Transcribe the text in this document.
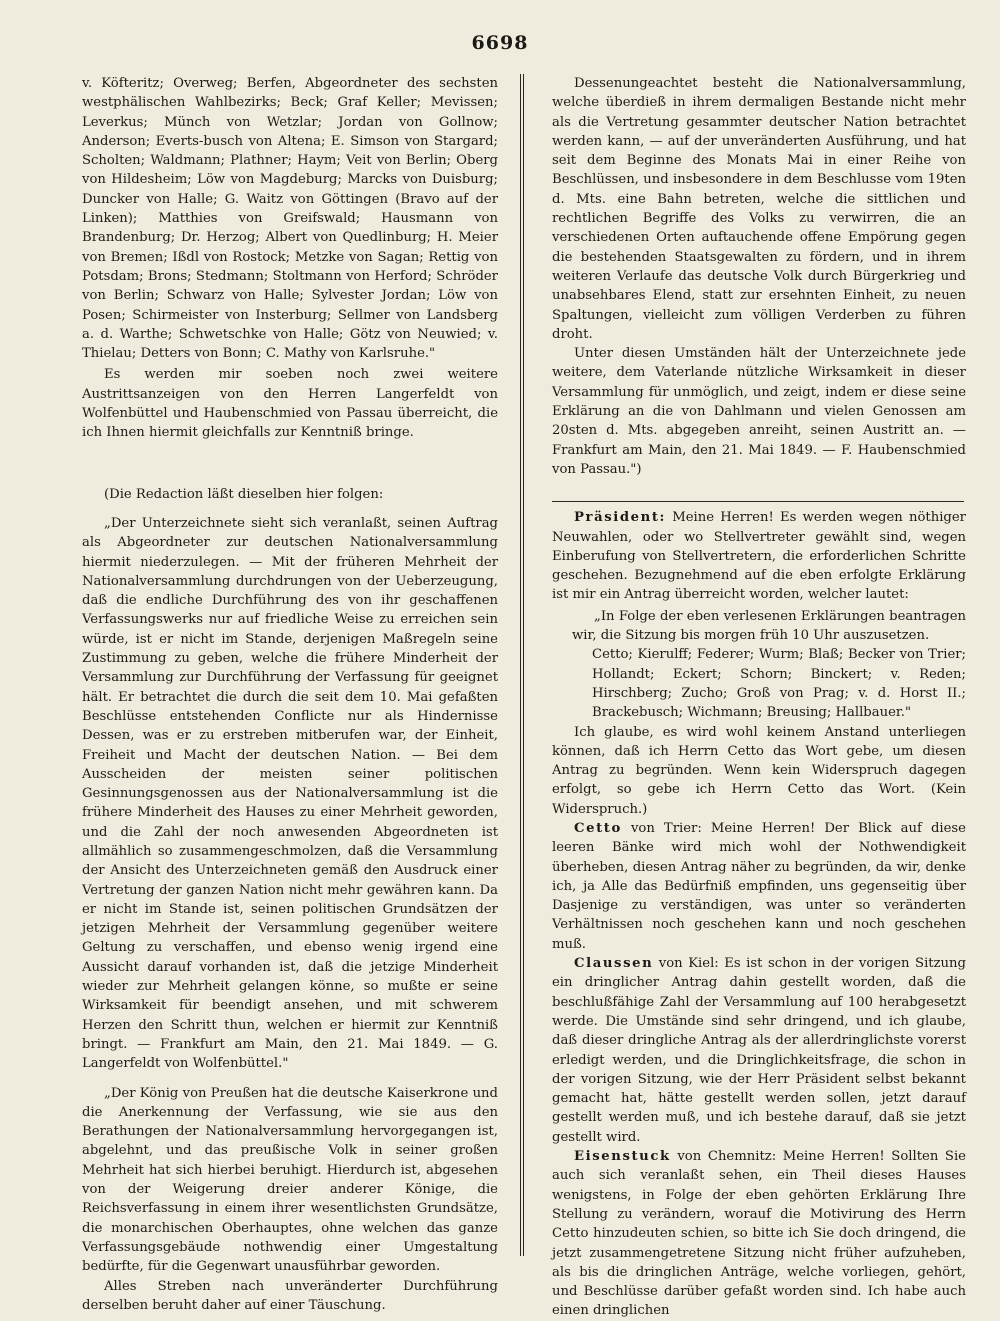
6698

v. Köfteritz; Overweg; Berfen, Abgeordneter des sechsten westphälischen Wahlbezirks; Beck; Graf Keller; Mevissen; Leverkus; Münch von Wetzlar; Jordan von Gollnow; Anderson; Everts-busch von Altena; E. Simson von Stargard; Scholten; Waldmann; Plathner; Haym; Veit von Berlin; Oberg von Hildesheim; Löw von Magdeburg; Marcks von Duisburg; Duncker von Halle; G. Waitz von Göttingen (Bravo auf der Linken); Matthies von Greifswald; Hausmann von Brandenburg; Dr. Herzog; Albert von Quedlinburg; H. Meier von Bremen; Ißdl von Rostock; Metzke von Sagan; Rettig von Potsdam; Brons; Stedmann; Stoltmann von Herford; Schröder von Berlin; Schwarz von Halle; Sylvester Jordan; Löw von Posen; Schirmeister von Insterburg; Sellmer von Landsberg a. d. Warthe; Schwetschke von Halle; Götz von Neuwied; v. Thielau; Detters von Bonn; C. Mathy von Karlsruhe."

Es werden mir soeben noch zwei weitere Austrittsanzeigen von den Herren Langerfeldt von Wolfenbüttel und Haubenschmied von Passau überreicht, die ich Ihnen hiermit gleichfalls zur Kenntniß bringe.

(Die Redaction läßt dieselben hier folgen:

„Der Unterzeichnete sieht sich veranlaßt, seinen Auftrag als Abgeordneter zur deutschen Nationalversammlung hiermit niederzulegen. — Mit der früheren Mehrheit der Nationalversammlung durchdrungen von der Ueberzeugung, daß die endliche Durchführung des von ihr geschaffenen Verfassungswerks nur auf friedliche Weise zu erreichen sein würde, ist er nicht im Stande, derjenigen Maßregeln seine Zustimmung zu geben, welche die frühere Minderheit der Versammlung zur Durchführung der Verfassung für geeignet hält. Er betrachtet die durch die seit dem 10. Mai gefaßten Beschlüsse entstehenden Conflicte nur als Hindernisse Dessen, was er zu erstreben mitberufen war, der Einheit, Freiheit und Macht der deutschen Nation. — Bei dem Ausscheiden der meisten seiner politischen Gesinnungsgenossen aus der Nationalversammlung ist die frühere Minderheit des Hauses zu einer Mehrheit geworden, und die Zahl der noch anwesenden Abgeordneten ist allmählich so zusammengeschmolzen, daß die Versammlung der Ansicht des Unterzeichneten gemäß den Ausdruck einer Vertretung der ganzen Nation nicht mehr gewähren kann. Da er nicht im Stande ist, seinen politischen Grundsätzen der jetzigen Mehrheit der Versammlung gegenüber weitere Geltung zu verschaffen, und ebenso wenig irgend eine Aussicht darauf vorhanden ist, daß die jetzige Minderheit wieder zur Mehrheit gelangen könne, so mußte er seine Wirksamkeit für beendigt ansehen, und mit schwerem Herzen den Schritt thun, welchen er hiermit zur Kenntniß bringt. — Frankfurt am Main, den 21. Mai 1849. — G. Langerfeldt von Wolfenbüttel."

„Der König von Preußen hat die deutsche Kaiserkrone und die Anerkennung der Verfassung, wie sie aus den Berathungen der Nationalversammlung hervorgegangen ist, abgelehnt, und das preußische Volk in seiner großen Mehrheit hat sich hierbei beruhigt. Hierdurch ist, abgesehen von der Weigerung dreier anderer Könige, die Reichsverfassung in einem ihrer wesentlichsten Grundsätze, die monarchischen Oberhauptes, ohne welchen das ganze Verfassungsgebäude nothwendig einer Umgestaltung bedürfte, für die Gegenwart unausführbar geworden.

Alles Streben nach unveränderter Durchführung derselben beruht daher auf einer Täuschung.

Dessenungeachtet besteht die Nationalversammlung, welche überdieß in ihrem dermaligen Bestande nicht mehr als die Vertretung gesammter deutscher Nation betrachtet werden kann, — auf der unveränderten Ausführung, und hat seit dem Beginne des Monats Mai in einer Reihe von Beschlüssen, und insbesondere in dem Beschlusse vom 19ten d. Mts. eine Bahn betreten, welche die sittlichen und rechtlichen Begriffe des Volks zu verwirren, die an verschiedenen Orten auftauchende offene Empörung gegen die bestehenden Staatsgewalten zu fördern, und in ihrem weiteren Verlaufe das deutsche Volk durch Bürgerkrieg und unabsehbares Elend, statt zur ersehnten Einheit, zu neuen Spaltungen, vielleicht zum völligen Verderben zu führen droht.

Unter diesen Umständen hält der Unterzeichnete jede weitere, dem Vaterlande nützliche Wirksamkeit in dieser Versammlung für unmöglich, und zeigt, indem er diese seine Erklärung an die von Dahlmann und vielen Genossen am 20sten d. Mts. abgegeben anreiht, seinen Austritt an. — Frankfurt am Main, den 21. Mai 1849. — F. Haubenschmied von Passau.")

Präsident: Meine Herren! Es werden wegen nöthiger Neuwahlen, oder wo Stellvertreter gewählt sind, wegen Einberufung von Stellvertretern, die erforderlichen Schritte geschehen. Bezugnehmend auf die eben erfolgte Erklärung ist mir ein Antrag überreicht worden, welcher lautet:

„In Folge der eben verlesenen Erklärungen beantragen wir, die Sitzung bis morgen früh 10 Uhr auszusetzen.

Cetto; Kierulff; Federer; Wurm; Blaß; Becker von Trier; Hollandt; Eckert; Schorn; Binckert; v. Reden; Hirschberg; Zucho; Groß von Prag; v. d. Horst II.; Brackebusch; Wichmann; Breusing; Hallbauer."

Ich glaube, es wird wohl keinem Anstand unterliegen können, daß ich Herrn Cetto das Wort gebe, um diesen Antrag zu begründen. Wenn kein Widerspruch dagegen erfolgt, so gebe ich Herrn Cetto das Wort. (Kein Widerspruch.)

Cetto von Trier: Meine Herren! Der Blick auf diese leeren Bänke wird mich wohl der Nothwendigkeit überheben, diesen Antrag näher zu begründen, da wir, denke ich, ja Alle das Bedürfniß empfinden, uns gegenseitig über Dasjenige zu verständigen, was unter so veränderten Verhältnissen noch geschehen kann und noch geschehen muß.

Claussen von Kiel: Es ist schon in der vorigen Sitzung ein dringlicher Antrag dahin gestellt worden, daß die beschlußfähige Zahl der Versammlung auf 100 herabgesetzt werde. Die Umstände sind sehr dringend, und ich glaube, daß dieser dringliche Antrag als der allerdringlichste vorerst erledigt werden, und die Dringlichkeitsfrage, die schon in der vorigen Sitzung, wie der Herr Präsident selbst bekannt gemacht hat, hätte gestellt werden sollen, jetzt darauf gestellt werden muß, und ich bestehe darauf, daß sie jetzt gestellt wird.

Eisenstuck von Chemnitz: Meine Herren! Sollten Sie auch sich veranlaßt sehen, ein Theil dieses Hauses wenigstens, in Folge der eben gehörten Erklärung Ihre Stellung zu verändern, worauf die Motivirung des Herrn Cetto hinzudeuten schien, so bitte ich Sie doch dringend, die jetzt zusammengetretene Sitzung nicht früher aufzuheben, als bis die dringlichen Anträge, welche vorliegen, gehört, und Beschlüsse darüber gefaßt worden sind. Ich habe auch einen dringlichen
